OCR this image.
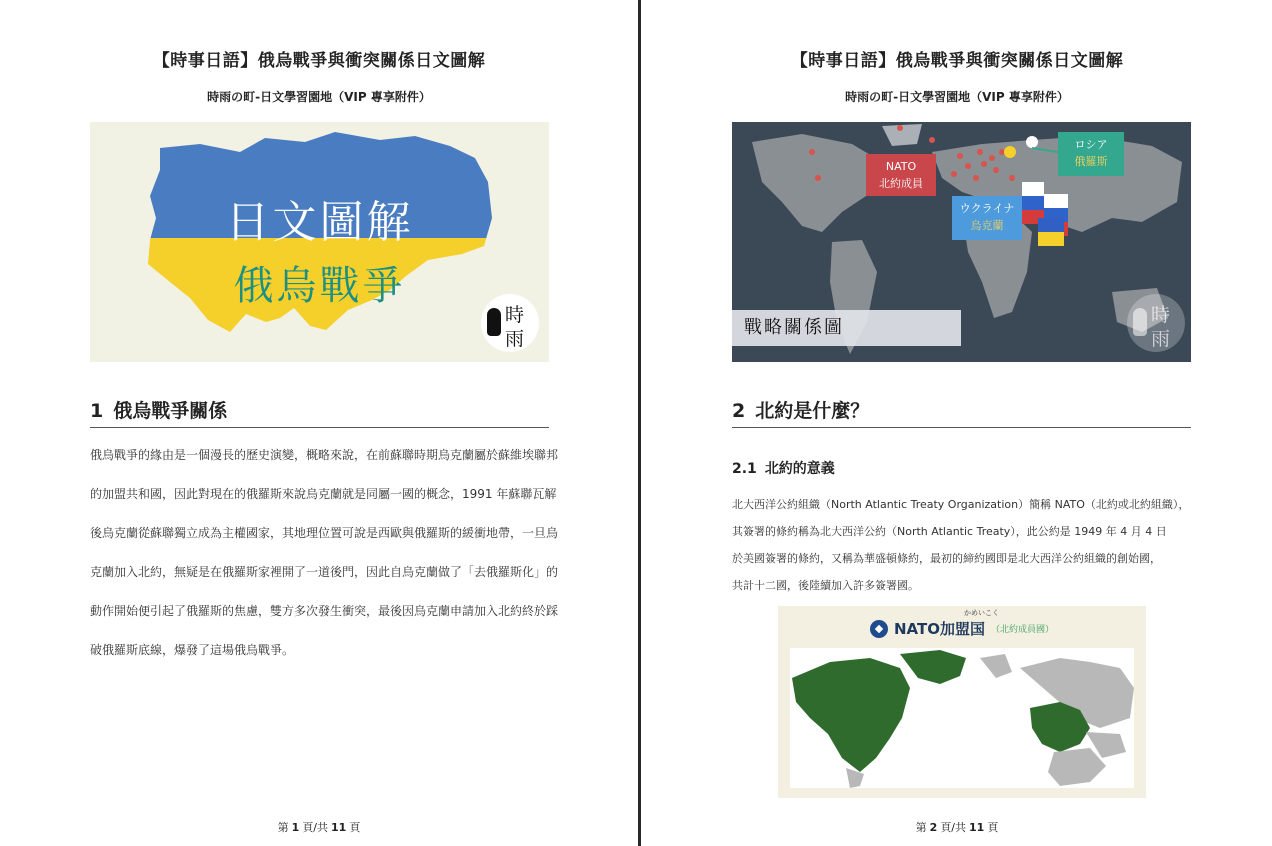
【時事日語】俄烏戰爭與衝突關係日文圖解
時雨の町-日文學習園地（VIP 專享附件）
日文圖解
俄烏戰爭
時
雨
1 俄烏戰爭關係
俄烏戰爭的緣由是一個漫長的歷史演變，概略來說，在前蘇聯時期烏克蘭屬於蘇維埃聯邦
的加盟共和國，因此對現在的俄羅斯來說烏克蘭就是同屬一國的概念，1991 年蘇聯瓦解
後烏克蘭從蘇聯獨立成為主權國家，其地理位置可說是西歐與俄羅斯的緩衝地帶，一旦烏
克蘭加入北約，無疑是在俄羅斯家裡開了一道後門，因此自烏克蘭做了「去俄羅斯化」的
動作開始便引起了俄羅斯的焦慮，雙方多次發生衝突，最後因烏克蘭申請加入北約終於踩
破俄羅斯底線，爆發了這場俄烏戰爭。
第 1 頁/共 11 頁
【時事日語】俄烏戰爭與衝突關係日文圖解
時雨の町-日文學習園地（VIP 專享附件）
NATO
北約成員
ロシア
俄羅斯
ウクライナ
烏克蘭
戰略關係圖
時
雨
2 北約是什麼？
2.1 北約的意義
北大西洋公約組織（North Atlantic Treaty Organization）簡稱 NATO（北約或北約組織），
其簽署的條約稱為北大西洋公約（North Atlantic Treaty），此公約是 1949 年 4 月 4 日
於美國簽署的條約，又稱為華盛頓條約，最初的締約國即是北大西洋公約組織的創始國，
共計十二國，後陸續加入許多簽署國。
かめいこく
NATO加盟国 （北約成員國）
第 2 頁/共 11 頁
